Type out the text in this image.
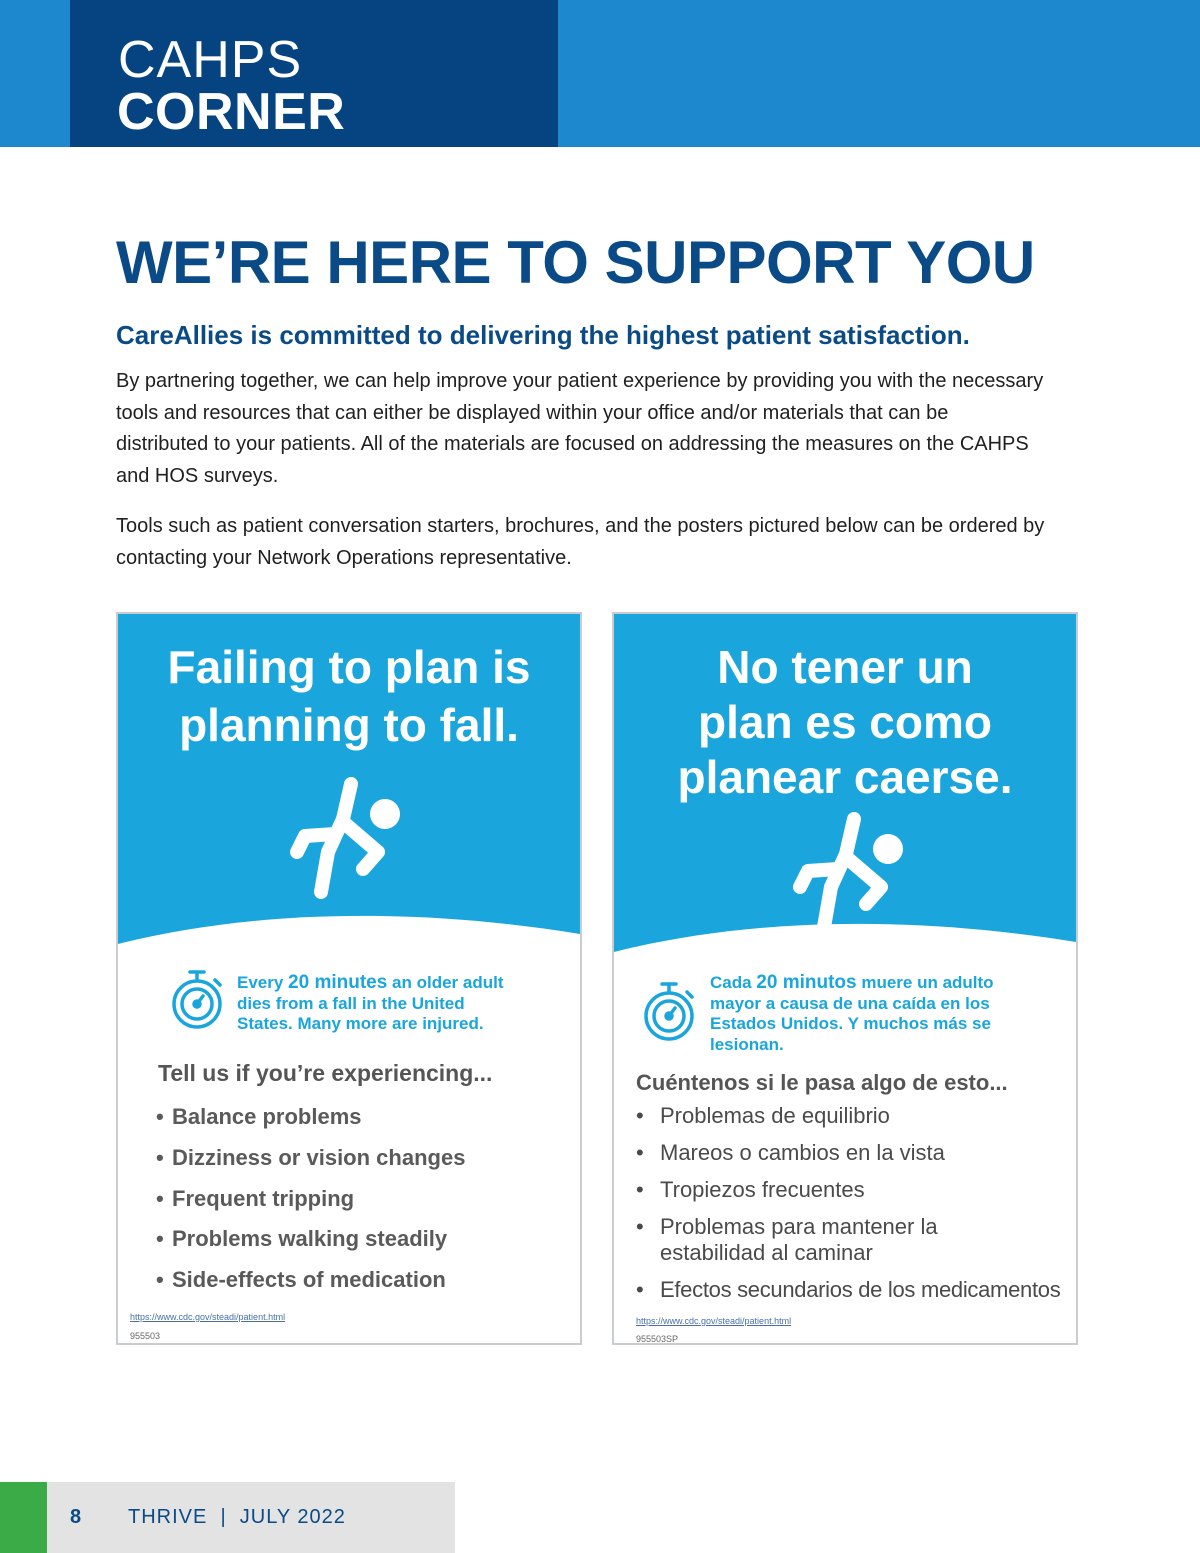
CAHPS
CORNER
WE’RE HERE TO SUPPORT YOU
CareAllies is committed to delivering the highest patient satisfaction.

By partnering together, we can help improve your patient experience by providing you with the necessary tools and resources that can either be displayed within your office and/or materials that can be distributed to your patients. All of the materials are focused on addressing the measures on the CAHPS and HOS surveys.

Tools such as patient conversation starters, brochures, and the posters pictured below can be ordered by contacting your Network Operations representative.

Failing to plan is
planning to fall.
Every 20 minutes an older adult
dies from a fall in the United
States. Many more are injured.
Tell us if you’re experiencing...
• Balance problems
• Dizziness or vision changes
• Frequent tripping
• Problems walking steadily
• Side-effects of medication
https://www.cdc.gov/steadi/patient.html
955503
No tener un
plan es como
planear caerse.
Cada 20 minutos muere un adulto
mayor a causa de una caída en los
Estados Unidos. Y muchos más se
lesionan.
Cuéntenos si le pasa algo de esto...
• Problemas de equilibrio
• Mareos o cambios en la vista
• Tropiezos frecuentes
• Problemas para mantener la estabilidad al caminar
• Efectos secundarios de los medicamentos
https://www.cdc.gov/steadi/patient.html
955503SP
8 THRIVE  |  JULY 2022
